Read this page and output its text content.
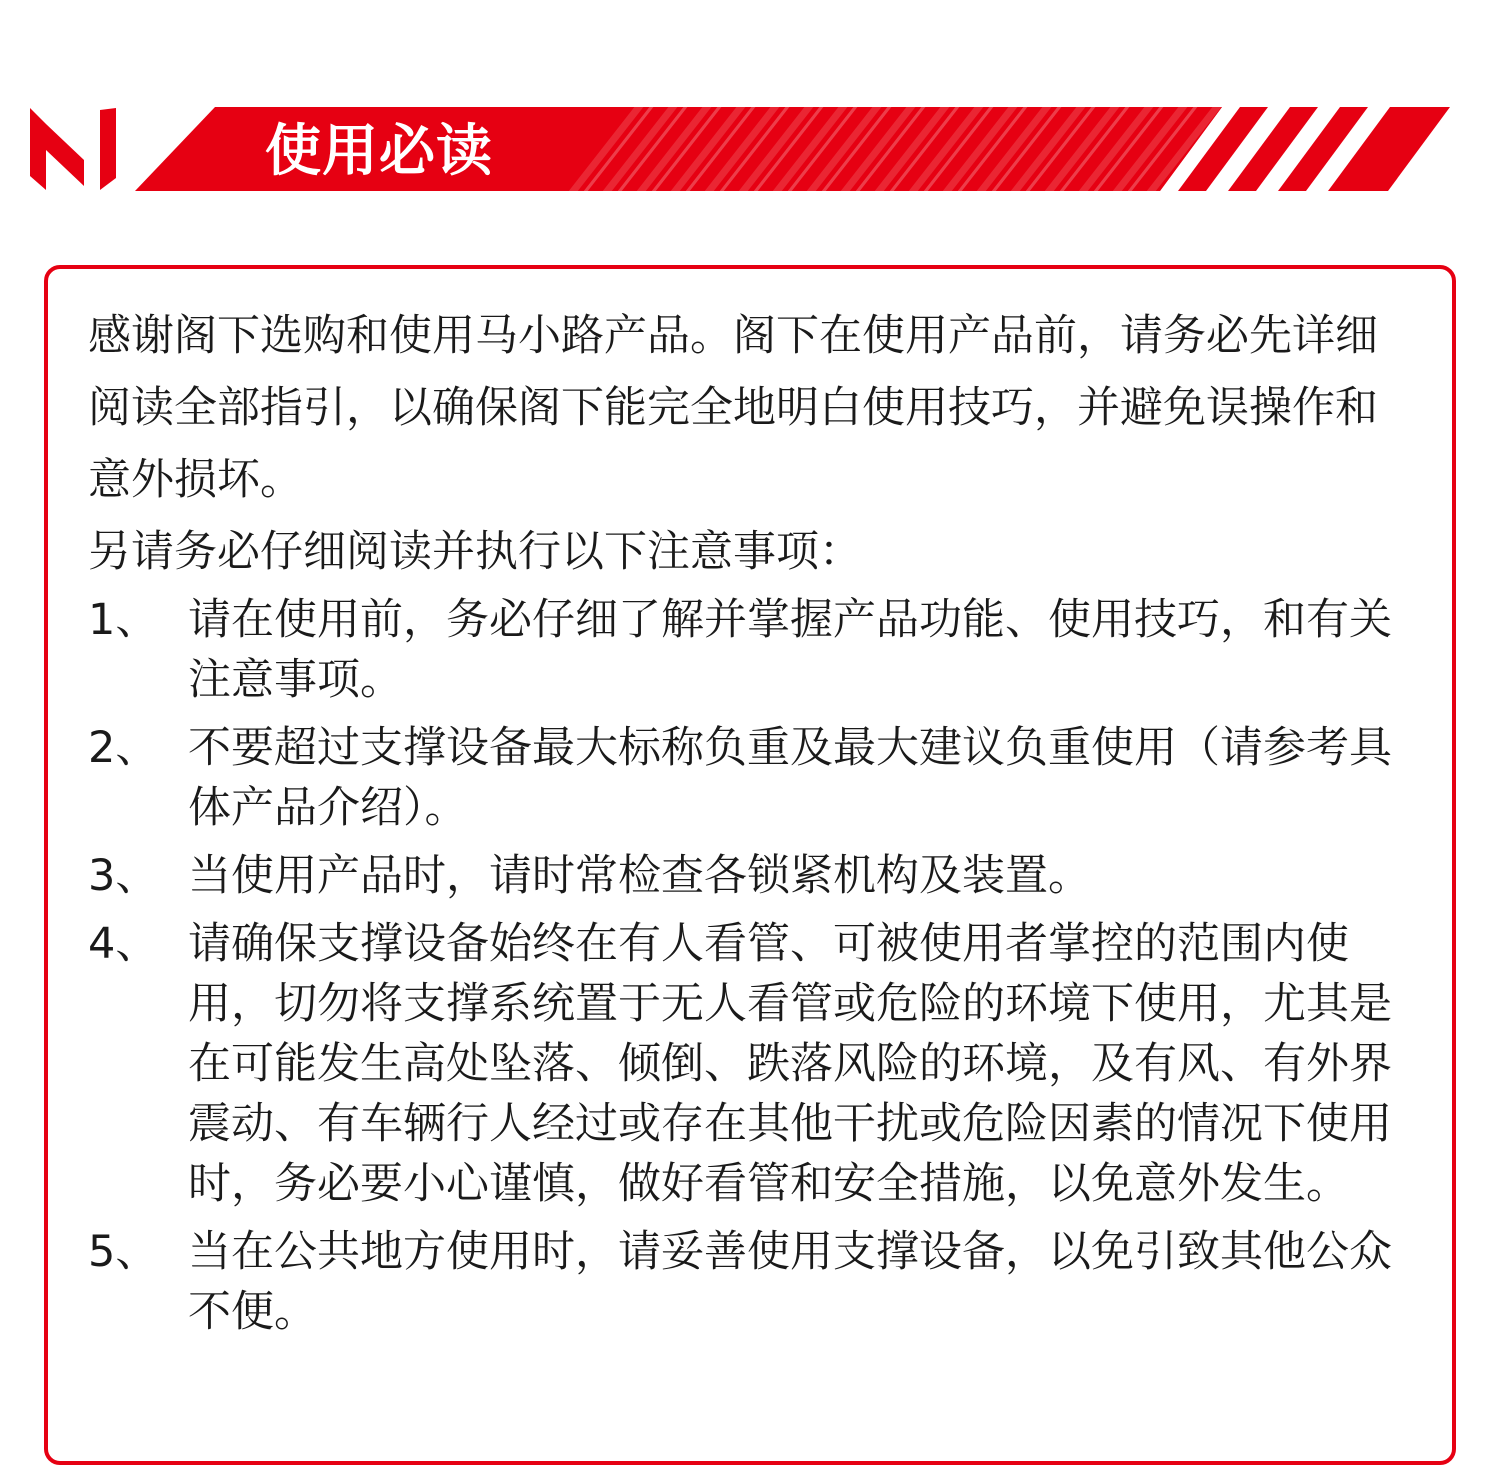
使用必读

感谢阁下选购和使用马小路产品。阁下在使用产品前，请务必先详细阅读全部指引，以确保阁下能完全地明白使用技巧，并避免误操作和意外损坏。

另请务必仔细阅读并执行以下注意事项：

1、 请在使用前，务必仔细了解并掌握产品功能、使用技巧，和有关注意事项。
2、 不要超过支撑设备最大标称负重及最大建议负重使用（请参考具体产品介绍）。
3、 当使用产品时，请时常检查各锁紧机构及装置。
4、 请确保支撑设备始终在有人看管、可被使用者掌控的范围内使用，切勿将支撑系统置于无人看管或危险的环境下使用，尤其是在可能发生高处坠落、倾倒、跌落风险的环境，及有风、有外界震动、有车辆行人经过或存在其他干扰或危险因素的情况下使用时，务必要小心谨慎，做好看管和安全措施，以免意外发生。
5、 当在公共地方使用时，请妥善使用支撑设备，以免引致其他公众不便。
